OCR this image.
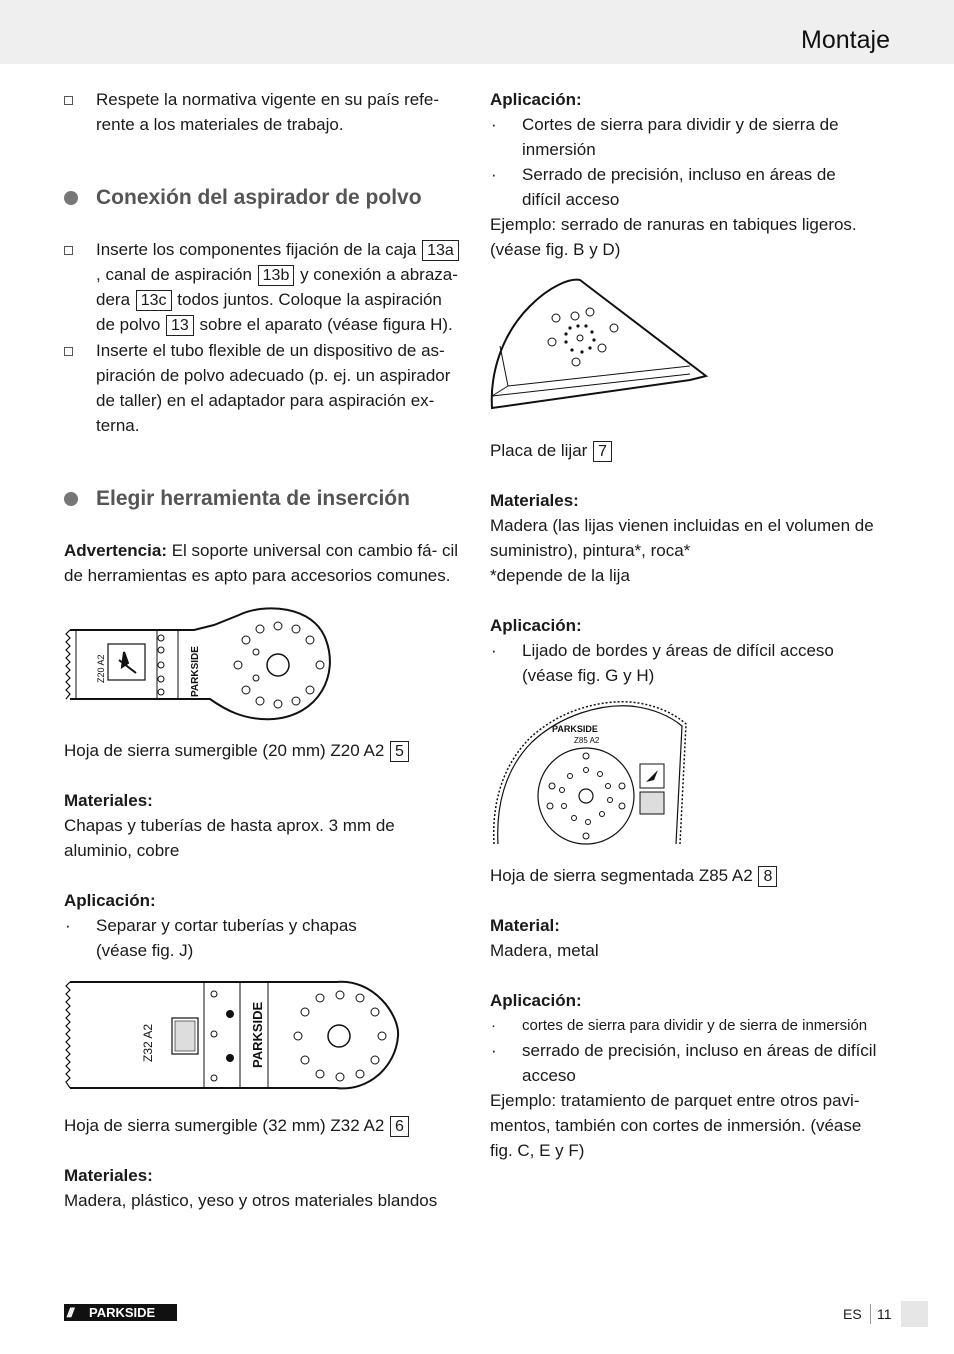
Montaje
Respete la normativa vigente en su país refe- rente a los materiales de trabajo.
Conexión del aspirador de polvo
Inserte los componentes fijación de la caja 13a, canal de aspiración 13b y conexión a abraza- dera 13c todos juntos. Coloque la aspiración de polvo 13 sobre el aparato (véase figura H).
Inserte el tubo flexible de un dispositivo de as- piración de polvo adecuado (p. ej. un aspirador de taller) en el adaptador para aspiración ex- terna.
Elegir herramienta de inserción
Advertencia: El soporte universal con cambio fá- cil de herramientas es apto para accesorios comunes.
Z20 A2	PARKSIDE
Hoja de sierra sumergible (20 mm) Z20 A2 5
Materiales:
Chapas y tuberías de hasta aprox. 3 mm de aluminio, cobre
Aplicación:
· Separar y cortar tuberías y chapas (véase fig. J)
Z32 A2	PARKSIDE
Hoja de sierra sumergible (32 mm) Z32 A2 6
Materiales:
Madera, plástico, yeso y otros materiales blandos
Aplicación:
· Cortes de sierra para dividir y de sierra de inmersión
· Serrado de precisión, incluso en áreas de difícil acceso
Ejemplo: serrado de ranuras en tabiques ligeros. (véase fig. B y D)
Placa de lijar 7
Materiales:
Madera (las lijas vienen incluidas en el volumen de suministro), pintura*, roca*
*depende de la lija
Aplicación:
· Lijado de bordes y áreas de difícil acceso (véase fig. G y H)
PARKSIDE
Z85 A2
Hoja de sierra segmentada Z85 A2 8
Material:
Madera, metal
Aplicación:
· cortes de sierra para dividir y de sierra de inmersión
· serrado de precisión, incluso en áreas de difícil acceso
Ejemplo: tratamiento de parquet entre otros pavi- mentos, también con cortes de inmersión. (véase fig. C, E y F)
/// PARKSIDE	ES 11
